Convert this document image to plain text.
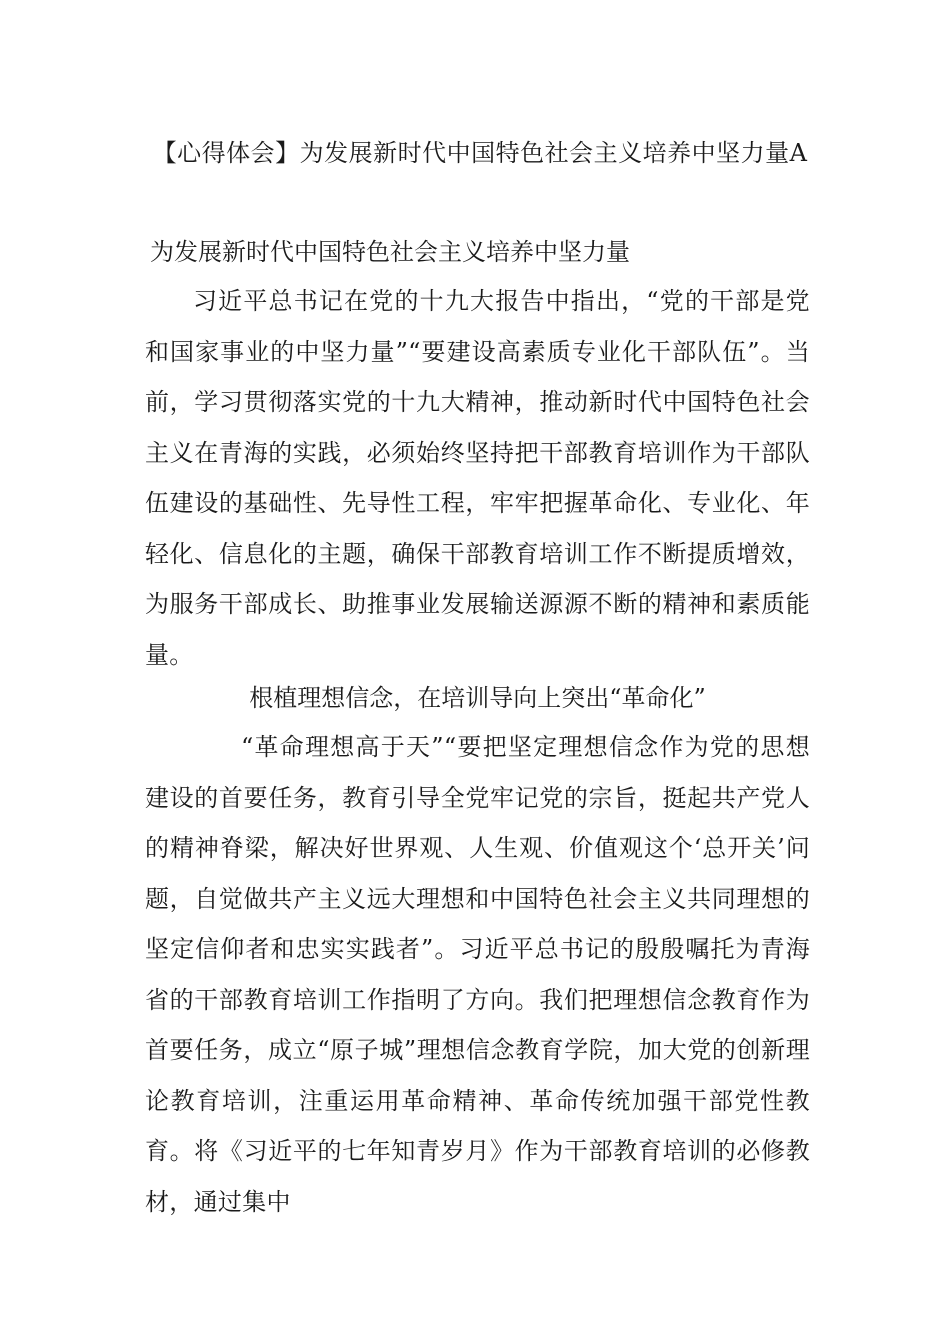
【心得体会】为发展新时代中国特色社会主义培养中坚力量A
为发展新时代中国特色社会主义培养中坚力量
习近平总书记在党的十九大报告中指出，“党的干部是党和国家事业的中坚力量”“要建设高素质专业化干部队伍”。当前，学习贯彻落实党的十九大精神，推动新时代中国特色社会主义在青海的实践，必须始终坚持把干部教育培训作为干部队伍建设的基础性、先导性工程，牢牢把握革命化、专业化、年轻化、信息化的主题，确保干部教育培训工作不断提质增效，为服务干部成长、助推事业发展输送源源不断的精神和素质能量。
根植理想信念，在培训导向上突出“革命化”
“革命理想高于天”“要把坚定理想信念作为党的思想建设的首要任务，教育引导全党牢记党的宗旨，挺起共产党人的精神脊梁，解决好世界观、人生观、价值观这个‘总开关’问题，自觉做共产主义远大理想和中国特色社会主义共同理想的坚定信仰者和忠实实践者”。习近平总书记的殷殷嘱托为青海省的干部教育培训工作指明了方向。我们把理想信念教育作为首要任务，成立“原子城”理想信念教育学院，加大党的创新理论教育培训，注重运用革命精神、革命传统加强干部党性教育。将《习近平的七年知青岁月》作为干部教育培训的必修教材，通过集中
